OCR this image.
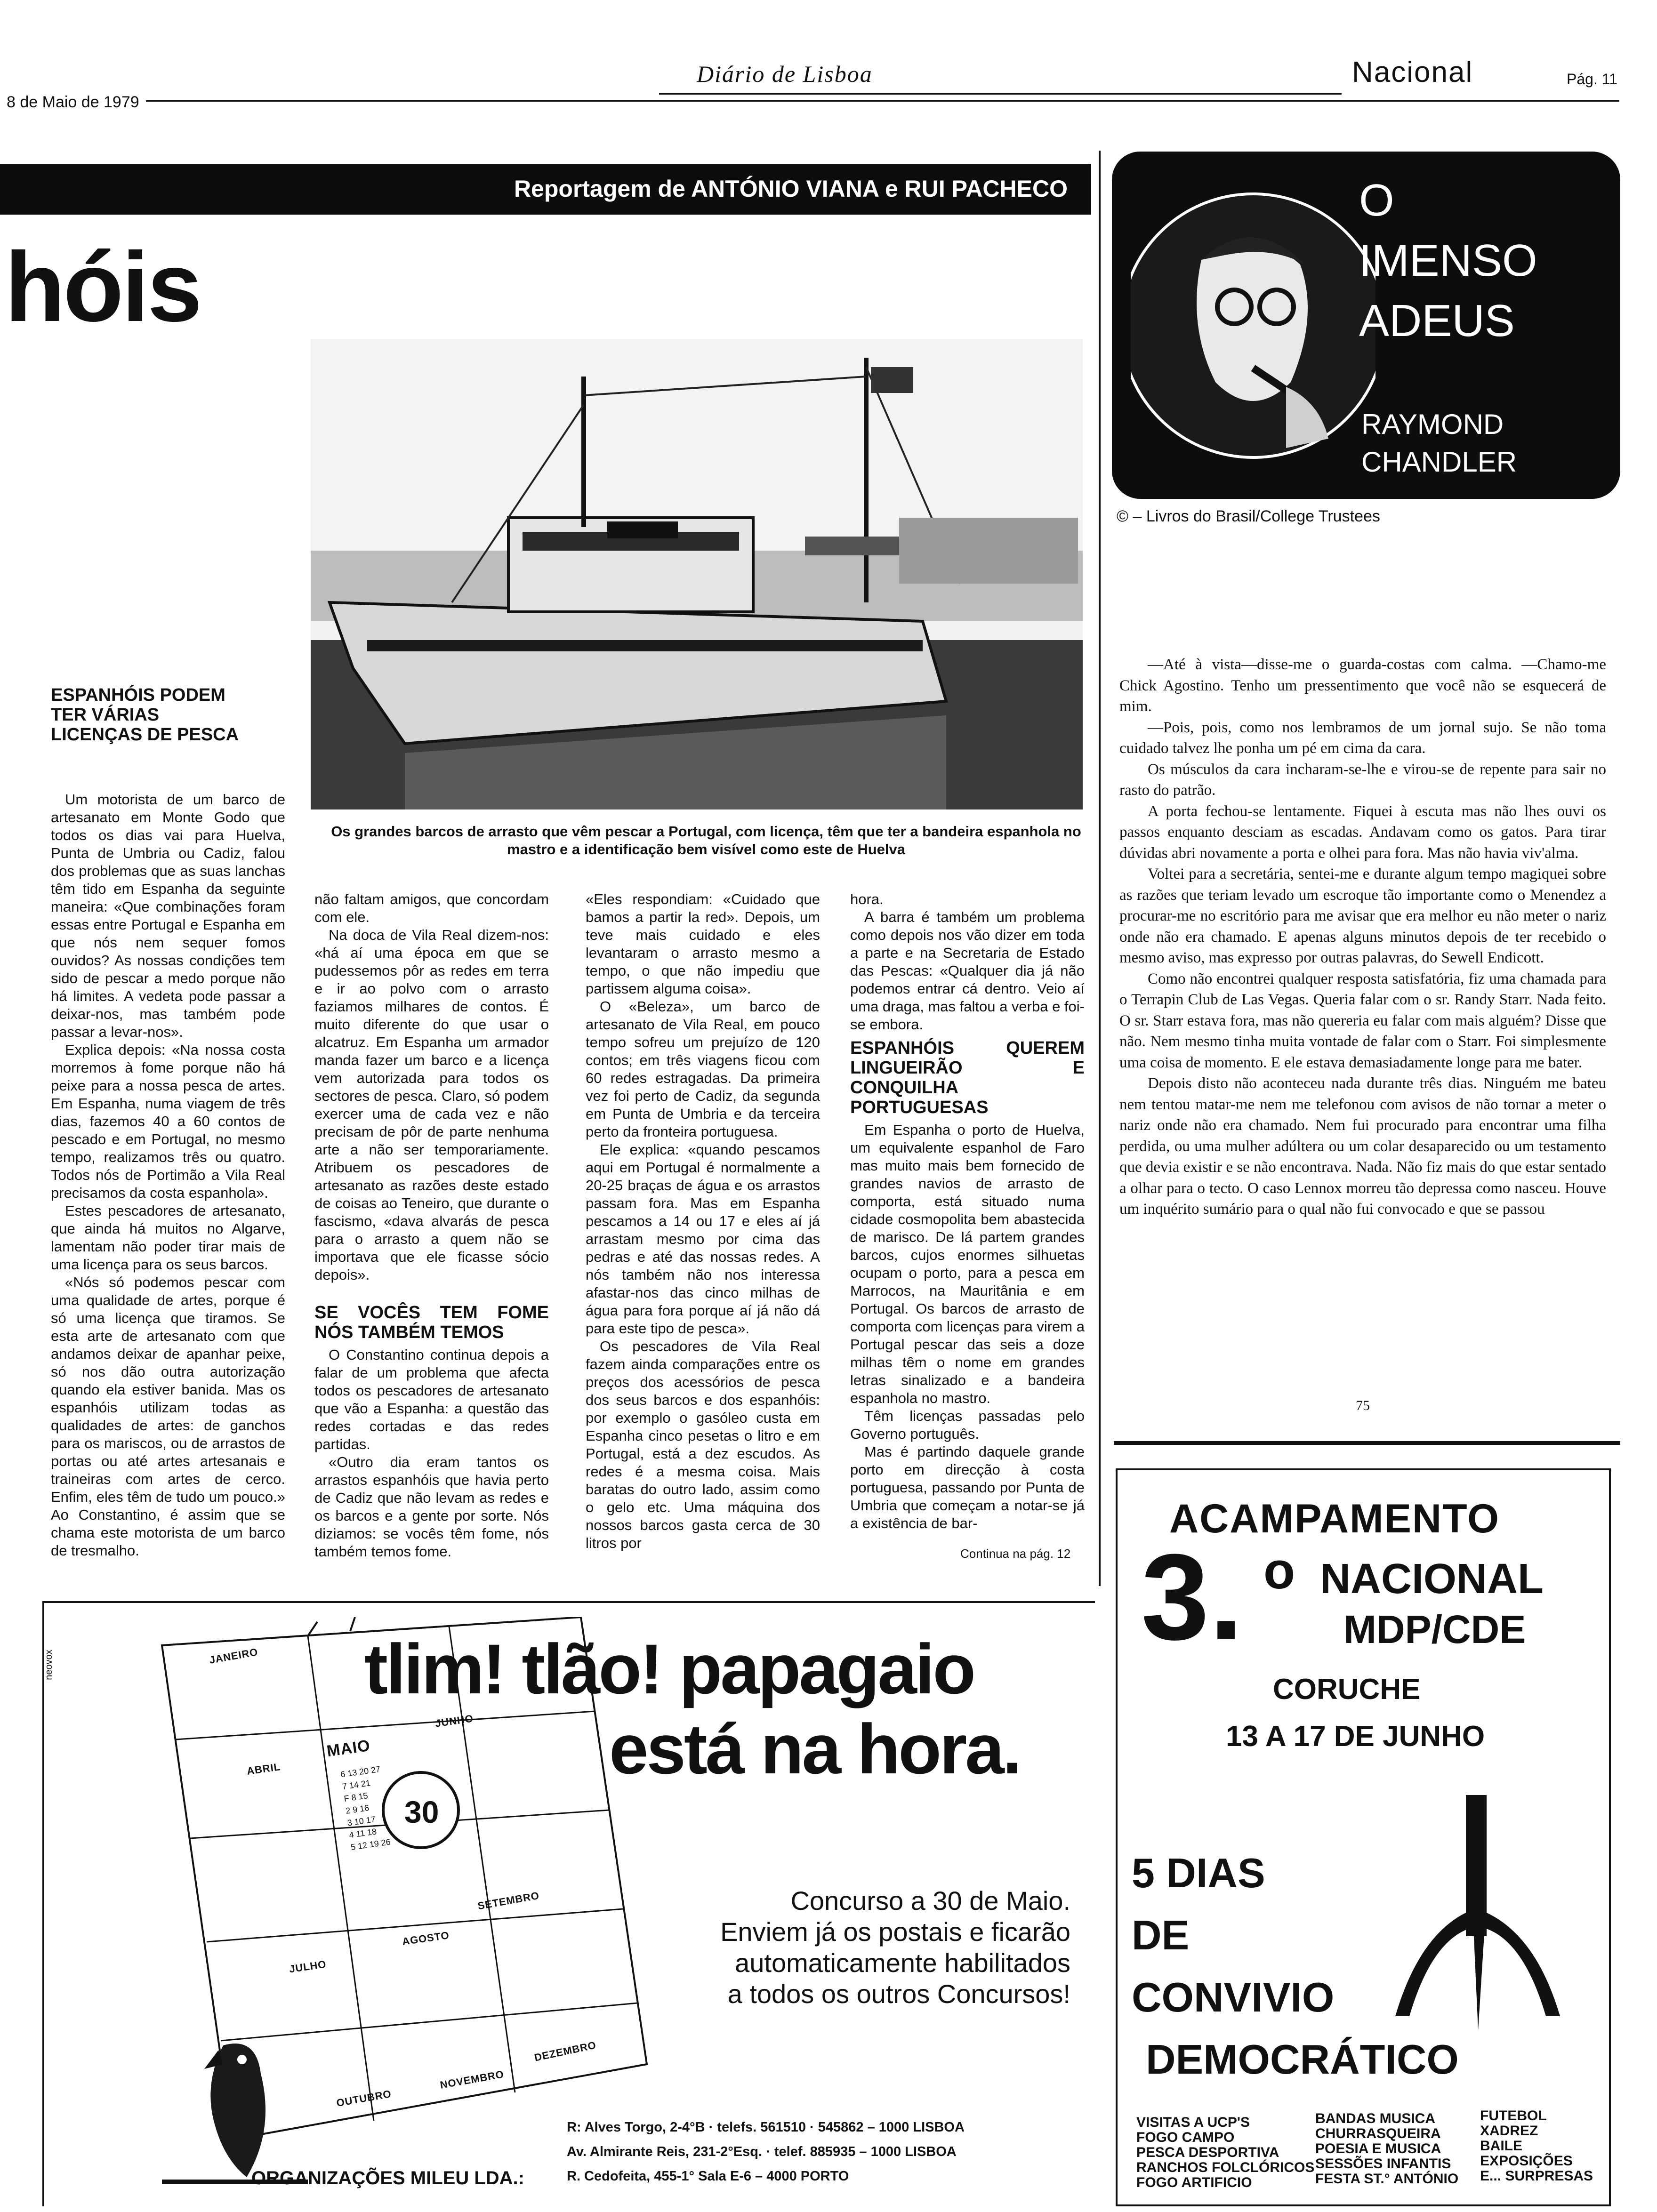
Diário de Lisboa	Nacional	Pág. 11
8 de Maio de 1979
Reportagem de ANTÓNIO VIANA e RUI PACHECO
hóis
Os grandes barcos de arrasto que vêm pescar a Portugal, com licença, têm que ter a bandeira espanhola no mastro e a identificação bem visível como este de Huelva
ESPANHÓIS PODEM TER VÁRIAS LICENÇAS DE PESCA

Um motorista de um barco de artesanato em Monte Godo que todos os dias vai para Huelva, Punta de Umbria ou Cadiz, falou dos problemas que as suas lanchas têm tido em Espanha da seguinte maneira: «Que combinações foram essas entre Portugal e Espanha em que nós nem sequer fomos ouvidos? As nossas condições tem sido de pescar a medo porque não há limites. A vedeta pode passar a deixar-nos, mas também pode passar a levar-nos».

Explica depois: «Na nossa costa morremos à fome porque não há peixe para a nossa pesca de artes. Em Espanha, numa viagem de três dias, fazemos 40 a 60 contos de pescado e em Portugal, no mesmo tempo, realizamos três ou quatro. Todos nós de Portimão a Vila Real precisamos da costa espanhola».

Estes pescadores de artesanato, que ainda há muitos no Algarve, lamentam não poder tirar mais de uma licença para os seus barcos.

«Nós só podemos pescar com uma qualidade de artes, porque é só uma licença que tiramos. Se esta arte de artesanato com que andamos deixar de apanhar peixe, só nos dão outra autorização quando ela estiver banida. Mas os espanhóis utilizam todas as qualidades de artes: de ganchos para os mariscos, ou de arrastos de portas ou até artes artesanais e traineiras com artes de cerco. Enfim, eles têm de tudo um pouco.» Ao Constantino, é assim que se chama este motorista de um barco de tresmalho.

não faltam amigos, que concordam com ele.

Na doca de Vila Real dizem-nos: «há aí uma época em que se pudessemos pôr as redes em terra e ir ao polvo com o arrasto faziamos milhares de contos. É muito diferente do que usar o alcatruz. Em Espanha um armador manda fazer um barco e a licença vem autorizada para todos os sectores de pesca. Claro, só podem exercer uma de cada vez e não precisam de pôr de parte nenhuma arte a não ser temporariamente. Atribuem os pescadores de artesanato as razões deste estado de coisas ao Teneiro, que durante o fascismo, «dava alvarás de pesca para o arrasto a quem não se importava que ele ficasse sócio depois».

SE VOCÊS TEM FOME NÓS TAMBÉM TEMOS

O Constantino continua depois a falar de um problema que afecta todos os pescadores de artesanato que vão a Espanha: a questão das redes cortadas e das redes partidas.

«Outro dia eram tantos os arrastos espanhóis que havia perto de Cadiz que não levam as redes e os barcos e a gente por sorte. Nós diziamos: se vocês têm fome, nós também temos fome.

«Eles respondiam: «Cuidado que bamos a partir la red». Depois, um teve mais cuidado e eles levantaram o arrasto mesmo a tempo, o que não impediu que partissem alguma coisa».

O «Beleza», um barco de artesanato de Vila Real, em pouco tempo sofreu um prejuízo de 120 contos; em três viagens ficou com 60 redes estragadas. Da primeira vez foi perto de Cadiz, da segunda em Punta de Umbria e da terceira perto da fronteira portuguesa.

Ele explica: «quando pescamos aqui em Portugal é normalmente a 20-25 braças de água e os arrastos passam fora. Mas em Espanha pescamos a 14 ou 17 e eles aí já arrastam mesmo por cima das pedras e até das nossas redes. A nós também não nos interessa afastar-nos das cinco milhas de água para fora porque aí já não dá para este tipo de pesca».

Os pescadores de Vila Real fazem ainda comparações entre os preços dos acessórios de pesca dos seus barcos e dos espanhóis: por exemplo o gasóleo custa em Espanha cinco pesetas o litro e em Portugal, está a dez escudos. As redes é a mesma coisa. Mais baratas do outro lado, assim como o gelo etc. Uma máquina dos nossos barcos gasta cerca de 30 litros por

hora.

A barra é também um problema como depois nos vão dizer em toda a parte e na Secretaria de Estado das Pescas: «Qualquer dia já não podemos entrar cá dentro. Veio aí uma draga, mas faltou a verba e foi-se embora.

ESPANHÓIS QUEREM LINGUEIRÃO E CONQUILHA PORTUGUESAS

Em Espanha o porto de Huelva, um equivalente espanhol de Faro mas muito mais bem fornecido de grandes navios de arrasto de comporta, está situado numa cidade cosmopolita bem abastecida de marisco. De lá partem grandes barcos, cujos enormes silhuetas ocupam o porto, para a pesca em Marrocos, na Mauritânia e em Portugal. Os barcos de arrasto de comporta com licenças para virem a Portugal pescar das seis a doze milhas têm o nome em grandes letras sinalizado e a bandeira espanhola no mastro.

Têm licenças passadas pelo Governo português.

Mas é partindo daquele grande porto em direcção à costa portuguesa, passando por Punta de Umbria que começam a notar-se já a existência de bar-

Continua na pág. 12
O
IMENSO
ADEUS
RAYMOND
CHANDLER
© – Livros do Brasil/College Trustees

—Até à vista—disse-me o guarda-costas com calma. —Chamo-me Chick Agostino. Tenho um pressentimento que você não se esquecerá de mim.

—Pois, pois, como nos lembramos de um jornal sujo. Se não toma cuidado talvez lhe ponha um pé em cima da cara.

Os músculos da cara incharam-se-lhe e virou-se de repente para sair no rasto do patrão.

A porta fechou-se lentamente. Fiquei à escuta mas não lhes ouvi os passos enquanto desciam as escadas. Andavam como os gatos. Para tirar dúvidas abri novamente a porta e olhei para fora. Mas não havia viv'alma.

Voltei para a secretária, sentei-me e durante algum tempo magiquei sobre as razões que teriam levado um escroque tão importante como o Menendez a procurar-me no escritório para me avisar que era melhor eu não meter o nariz onde não era chamado. E apenas alguns minutos depois de ter recebido o mesmo aviso, mas expresso por outras palavras, do Sewell Endicott.

Como não encontrei qualquer resposta satisfatória, fiz uma chamada para o Terrapin Club de Las Vegas. Queria falar com o sr. Randy Starr. Nada feito. O sr. Starr estava fora, mas não quereria eu falar com mais alguém? Disse que não. Nem mesmo tinha muita vontade de falar com o Starr. Foi simplesmente uma coisa de momento. E ele estava demasiadamente longe para me bater.

Depois disto não aconteceu nada durante três dias. Ninguém me bateu nem tentou matar-me nem me telefonou com avisos de não tornar a meter o nariz onde não era chamado. Nem fui procurado para encontrar uma filha perdida, ou uma mulher adúltera ou um colar desaparecido ou um testamento que devia existir e se não encontrava. Nada. Não fiz mais do que estar sentado a olhar para o tecto. O caso Lennox morreu tão depressa como nasceu. Houve um inquérito sumário para o qual não fui convocado e que se passou

75
JANEIRO
ABRIL
MAIO
JUNHO
JULHO
AGOSTO
SETEMBRO
OUTUBRO
NOVEMBRO
DEZEMBRO
6 13 20 27
7 14 21
F 8 15
2 9 16
3 10 17
4 11 18
5 12 19 26
30
neovox	tlim! tlão! papagaio
está na hora.
Concurso a 30 de Maio.
Enviem já os postais e ficarão
automaticamente habilitados
a todos os outros Concursos!
ORGANIZAÇÕES MILEU LDA.:
R: Alves Torgo, 2-4°B · telefs. 561510 · 545862 – 1000 LISBOA
Av. Almirante Reis, 231-2°Esq. · telef. 885935 – 1000 LISBOA
R. Cedofeita, 455-1° Sala E-6 – 4000 PORTO
ACAMPAMENTO
3. o NACIONAL
MDP/CDE
CORUCHE
13 A 17 DE JUNHO
5 DIAS
DE
CONVIVIO
DEMOCRÁTICO
VISITAS A UCP'S
FOGO CAMPO
PESCA DESPORTIVA
RANCHOS FOLCLÓRICOS
FOGO ARTIFICIO
BANDAS MUSICA
CHURRASQUEIRA
POESIA E MUSICA
SESSÕES INFANTIS
FESTA ST.° ANTÓNIO
FUTEBOL
XADREZ
BAILE
EXPOSIÇÕES
E... SURPRESAS
